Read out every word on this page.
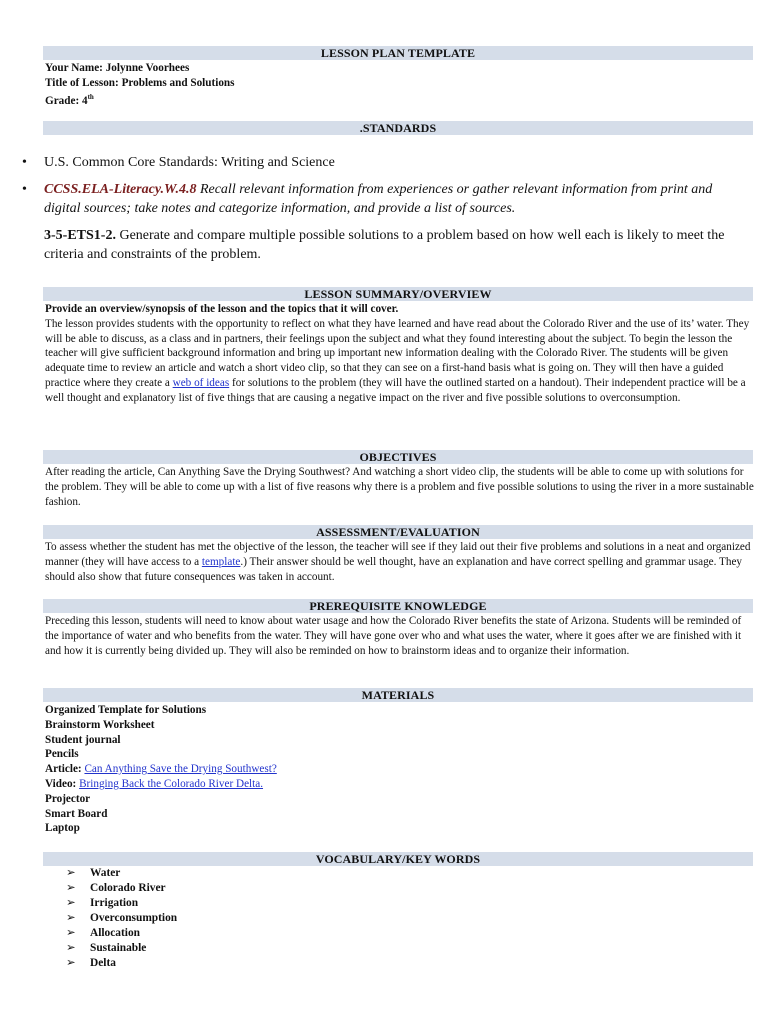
LESSON PLAN TEMPLATE
Your Name: Jolynne Voorhees
Title of Lesson: Problems and Solutions
Grade: 4th
.STANDARDS
• U.S. Common Core Standards: Writing and Science
• CCSS.ELA-Literacy.W.4.8 Recall relevant information from experiences or gather relevant information from print and digital sources; take notes and categorize information, and provide a list of sources.
3-5-ETS1-2. Generate and compare multiple possible solutions to a problem based on how well each is likely to meet the criteria and constraints of the problem.
LESSON SUMMARY/OVERVIEW
Provide an overview/synopsis of the lesson and the topics that it will cover.
The lesson provides students with the opportunity to reflect on what they have learned and have read about the Colorado River and the use of its’ water. They will be able to discuss, as a class and in partners, their feelings upon the subject and what they found interesting about the subject. To begin the lesson the teacher will give sufficient background information and bring up important new information dealing with the Colorado River. The students will be given adequate time to review an article and watch a short video clip, so that they can see on a first-hand basis what is going on. They will then have a guided practice where they create a web of ideas for solutions to the problem (they will have the outlined started on a handout). Their independent practice will be a well thought and explanatory list of five things that are causing a negative impact on the river and five possible solutions to overconsumption.
OBJECTIVES
After reading the article, Can Anything Save the Drying Southwest? And watching a short video clip, the students will be able to come up with solutions for the problem. They will be able to come up with a list of five reasons why there is a problem and five possible solutions to using the river in a more sustainable fashion.
ASSESSMENT/EVALUATION
To assess whether the student has met the objective of the lesson, the teacher will see if they laid out their five problems and solutions in a neat and organized manner (they will have access to a template.) Their answer should be well thought, have an explanation and have correct spelling and grammar usage. They should also show that future consequences was taken in account.
PREREQUISITE KNOWLEDGE
Preceding this lesson, students will need to know about water usage and how the Colorado River benefits the state of Arizona. Students will be reminded of the importance of water and who benefits from the water. They will have gone over who and what uses the water, where it goes after we are finished with it and how it is currently being divided up. They will also be reminded on how to brainstorm ideas and to organize their information.
MATERIALS
Organized Template for Solutions
Brainstorm Worksheet
Student journal
Pencils
Article: Can Anything Save the Drying Southwest?
Video: Bringing Back the Colorado River Delta.
Projector
Smart Board
Laptop
VOCABULARY/KEY WORDS
➢ Water
➢ Colorado River
➢ Irrigation
➢ Overconsumption
➢ Allocation
➢ Sustainable
➢ Delta
